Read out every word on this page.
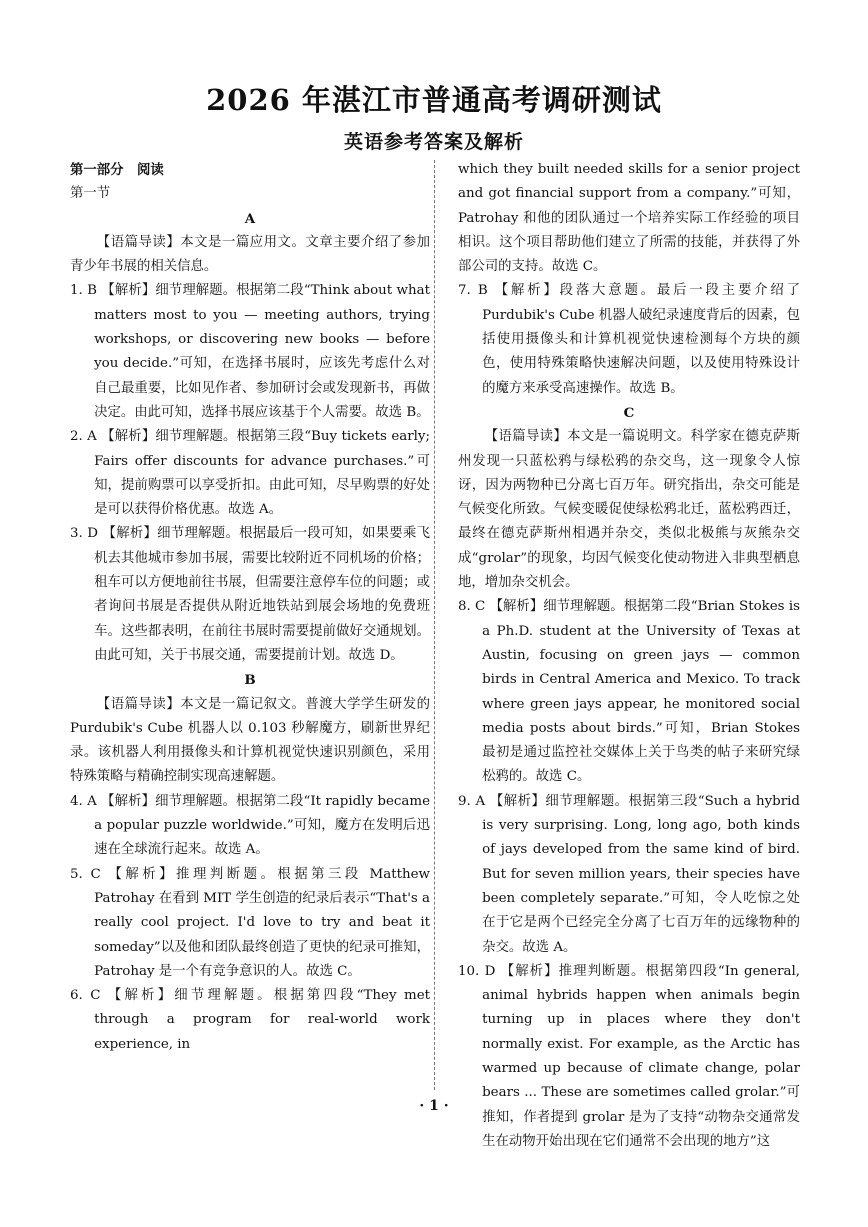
2026 年湛江市普通高考调研测试
英语参考答案及解析

第一部分　阅读

第一节

A

【语篇导读】本文是一篇应用文。文章主要介绍了参加青少年书展的相关信息。

1. B 【解析】细节理解题。根据第二段“Think about what matters most to you — meeting authors, trying workshops, or discovering new books — before you decide.”可知，在选择书展时，应该先考虑什么对自己最重要，比如见作者、参加研讨会或发现新书，再做决定。由此可知，选择书展应该基于个人需要。故选 B。

2. A 【解析】细节理解题。根据第三段“Buy tickets early; Fairs offer discounts for advance purchases.”可知，提前购票可以享受折扣。由此可知，尽早购票的好处是可以获得价格优惠。故选 A。

3. D 【解析】细节理解题。根据最后一段可知，如果要乘飞机去其他城市参加书展，需要比较附近不同机场的价格；租车可以方便地前往书展，但需要注意停车位的问题；或者询问书展是否提供从附近地铁站到展会场地的免费班车。这些都表明，在前往书展时需要提前做好交通规划。由此可知，关于书展交通，需要提前计划。故选 D。

B

【语篇导读】本文是一篇记叙文。普渡大学学生研发的 Purdubik's Cube 机器人以 0.103 秒解魔方，刷新世界纪录。该机器人利用摄像头和计算机视觉快速识别颜色，采用特殊策略与精确控制实现高速解题。

4. A 【解析】细节理解题。根据第二段“It rapidly became a popular puzzle worldwide.”可知，魔方在发明后迅速在全球流行起来。故选 A。

5. C 【解析】推理判断题。根据第三段 Matthew Patrohay 在看到 MIT 学生创造的纪录后表示“That's a really cool project. I'd love to try and beat it someday”以及他和团队最终创造了更快的纪录可推知，Patrohay 是一个有竞争意识的人。故选 C。

6. C 【解析】细节理解题。根据第四段“They met through a program for real-world work experience, in

which they built needed skills for a senior project and got financial support from a company.”可知，Patrohay 和他的团队通过一个培养实际工作经验的项目相识。这个项目帮助他们建立了所需的技能，并获得了外部公司的支持。故选 C。

7. B 【解析】段落大意题。最后一段主要介绍了 Purdubik's Cube 机器人破纪录速度背后的因素，包括使用摄像头和计算机视觉快速检测每个方块的颜色，使用特殊策略快速解决问题，以及使用特殊设计的魔方来承受高速操作。故选 B。

C

【语篇导读】本文是一篇说明文。科学家在德克萨斯州发现一只蓝松鸦与绿松鸦的杂交鸟，这一现象令人惊讶，因为两物种已分离七百万年。研究指出，杂交可能是气候变化所致。气候变暖促使绿松鸦北迁，蓝松鸦西迁，最终在德克萨斯州相遇并杂交，类似北极熊与灰熊杂交成“grolar”的现象，均因气候变化使动物进入非典型栖息地，增加杂交机会。

8. C 【解析】细节理解题。根据第二段“Brian Stokes is a Ph.D. student at the University of Texas at Austin, focusing on green jays — common birds in Central America and Mexico. To track where green jays appear, he monitored social media posts about birds.”可知，Brian Stokes 最初是通过监控社交媒体上关于鸟类的帖子来研究绿松鸦的。故选 C。

9. A 【解析】细节理解题。根据第三段“Such a hybrid is very surprising. Long, long ago, both kinds of jays developed from the same kind of bird. But for seven million years, their species have been completely separate.”可知，令人吃惊之处在于它是两个已经完全分离了七百万年的远缘物种的杂交。故选 A。

10. D 【解析】推理判断题。根据第四段“In general, animal hybrids happen when animals begin turning up in places where they don't normally exist. For example, as the Arctic has warmed up because of climate change, polar bears ... These are sometimes called grolar.”可推知，作者提到 grolar 是为了支持“动物杂交通常发生在动物开始出现在它们通常不会出现的地方”这

· 1 ·
